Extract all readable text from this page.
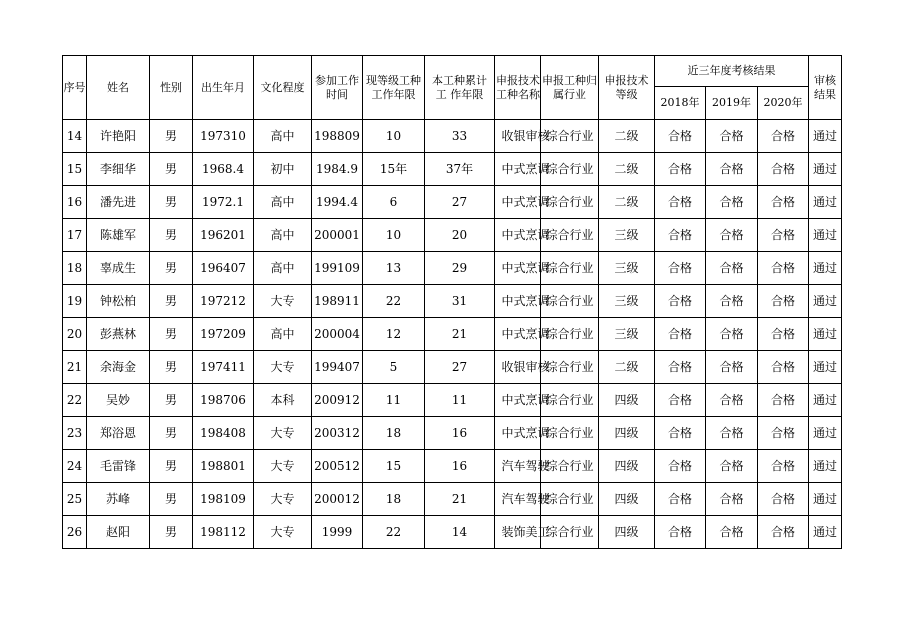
序号	姓名	性别	出生年月	文化程度	参加工作时间	现等级工种工作年限	本工种累计工 作年限	申报技术工种名称	申报工种归属行业	申报技术等级	近三年度考核结果			审核结果

											2018年	2019年	2020年	
14	许艳阳	男	197310	高中	198809	10	33	收银审核	综合行业	二级	合格	合格	合格	通过
15	李细华	男	1968.4	初中	1984.9	15年	37年	中式烹调	综合行业	二级	合格	合格	合格	通过
16	潘先进	男	1972.1	高中	1994.4	6	27	中式烹调	综合行业	二级	合格	合格	合格	通过
17	陈雄军	男	196201	高中	200001	10	20	中式烹调	综合行业	三级	合格	合格	合格	通过
18	辜成生	男	196407	高中	199109	13	29	中式烹调	综合行业	三级	合格	合格	合格	通过
19	钟松柏	男	197212	大专	198911	22	31	中式烹调	综合行业	三级	合格	合格	合格	通过
20	彭燕林	男	197209	高中	200004	12	21	中式烹调	综合行业	三级	合格	合格	合格	通过
21	余海金	男	197411	大专	199407	5	27	收银审核	综合行业	二级	合格	合格	合格	通过
22	吴妙	男	198706	本科	200912	11	11	中式烹调	综合行业	四级	合格	合格	合格	通过
23	郑浴恩	男	198408	大专	200312	18	16	中式烹调	综合行业	四级	合格	合格	合格	通过
24	毛雷锋	男	198801	大专	200512	15	16	汽车驾驶	综合行业	四级	合格	合格	合格	通过
25	苏峰	男	198109	大专	200012	18	21	汽车驾驶	综合行业	四级	合格	合格	合格	通过
26	赵阳	男	198112	大专	1999	22	14	装饰美工	综合行业	四级	合格	合格	合格	通过
